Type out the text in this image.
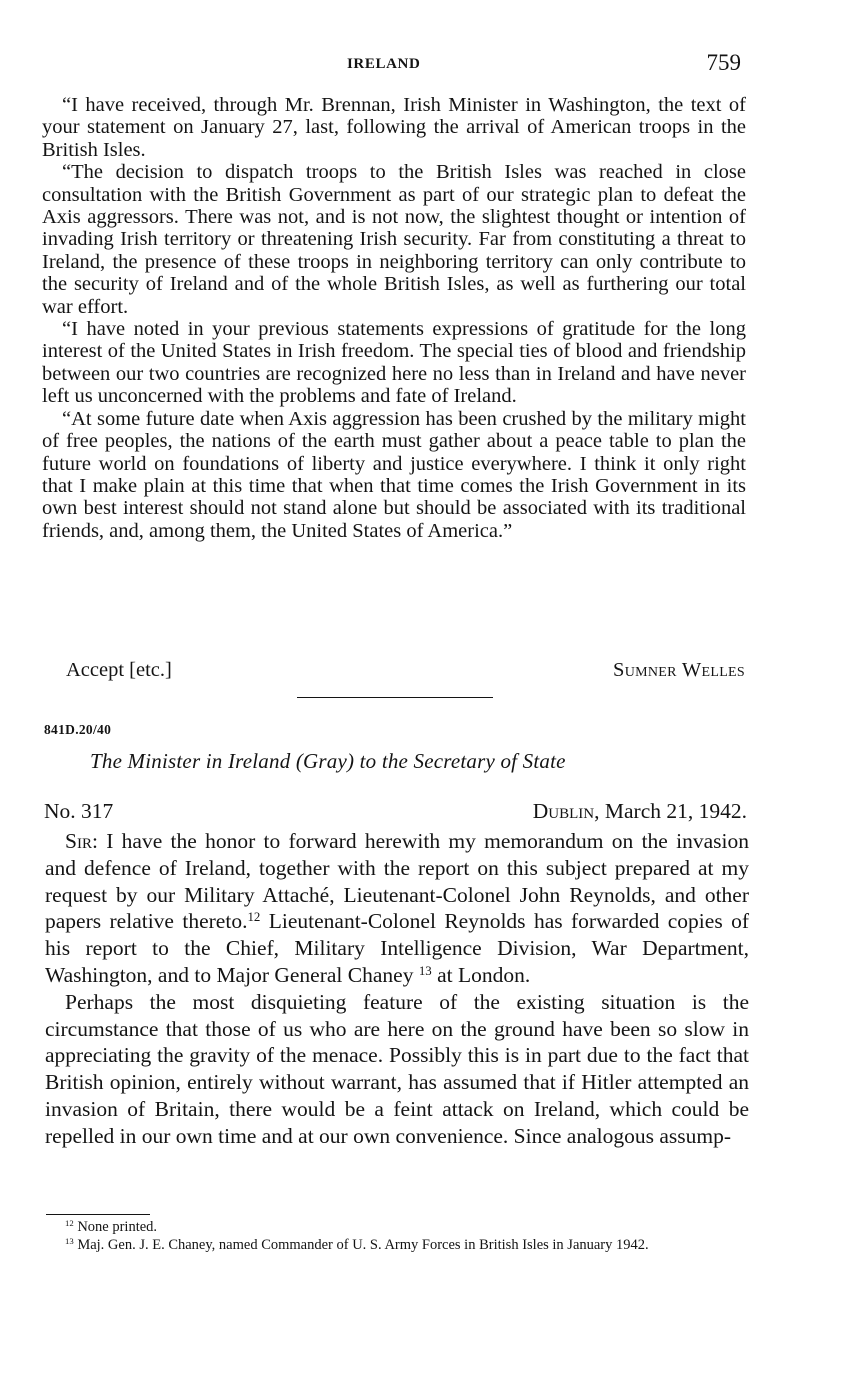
IRELAND	759

“I have received, through Mr. Brennan, Irish Minister in Washington, the text of your statement on January 27, last, following the arrival of American troops in the British Isles.

“The decision to dispatch troops to the British Isles was reached in close consultation with the British Government as part of our strategic plan to defeat the Axis aggressors. There was not, and is not now, the slightest thought or intention of invading Irish territory or threatening Irish security. Far from constituting a threat to Ireland, the presence of these troops in neighboring territory can only contribute to the security of Ireland and of the whole British Isles, as well as furthering our total war effort.

“I have noted in your previous statements expressions of gratitude for the long interest of the United States in Irish freedom. The special ties of blood and friendship between our two countries are recognized here no less than in Ireland and have never left us unconcerned with the problems and fate of Ireland.

“At some future date when Axis aggression has been crushed by the military might of free peoples, the nations of the earth must gather about a peace table to plan the future world on foundations of liberty and justice everywhere. I think it only right that I make plain at this time that when that time comes the Irish Government in its own best interest should not stand alone but should be associated with its traditional friends, and, among them, the United States of America.”

Accept [etc.]	Sumner Welles
841D.20/40
The Minister in Ireland (Gray) to the Secretary of State
No. 317	Dublin, March 21, 1942.

Sir: I have the honor to forward herewith my memorandum on the invasion and defence of Ireland, together with the report on this subject prepared at my request by our Military Attaché, Lieutenant-Colonel John Reynolds, and other papers relative thereto.$^{12}$ Lieutenant-Colonel Reynolds has forwarded copies of his report to the Chief, Military Intelligence Division, War Department, Washington, and to Major General Chaney $^{13}$ at London.

Perhaps the most disquieting feature of the existing situation is the circumstance that those of us who are here on the ground have been so slow in appreciating the gravity of the menace. Possibly this is in part due to the fact that British opinion, entirely without warrant, has assumed that if Hitler attempted an invasion of Britain, there would be a feint attack on Ireland, which could be repelled in our own time and at our own convenience. Since analogous assump-

$^{12}$ None printed.

$^{13}$ Maj. Gen. J. E. Chaney, named Commander of U. S. Army Forces in British Isles in January 1942.
